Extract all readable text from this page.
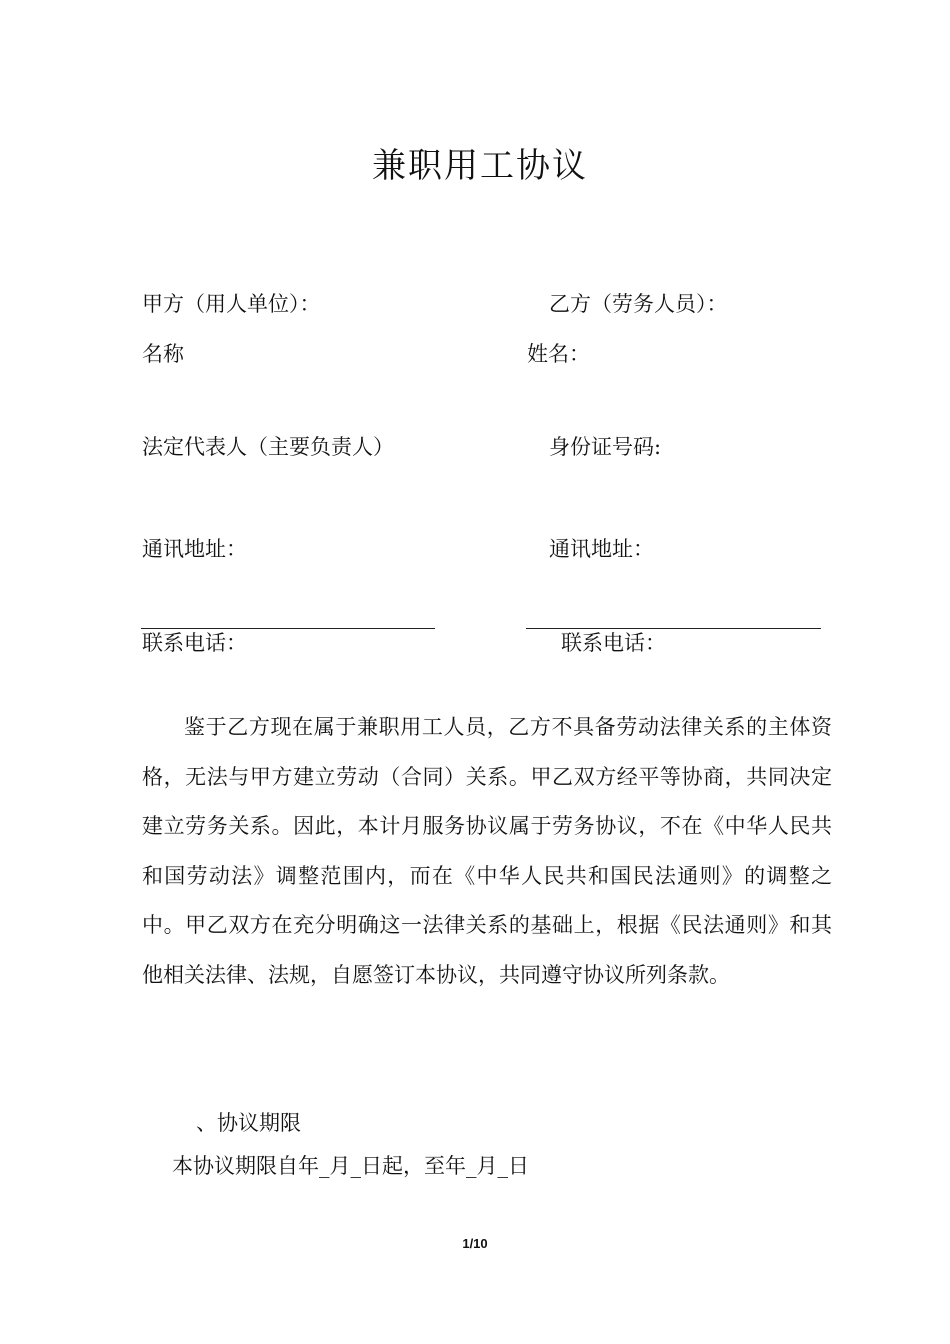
兼职用工协议
甲方（用人单位）：
名称
法定代表人（主要负责人）
通讯地址：
联系电话：
乙方（劳务人员）：
姓名：
身份证号码:
通讯地址：
联系电话：
鉴于乙方现在属于兼职用工人员，乙方不具备劳动法律关系的主体资格，无法与甲方建立劳动（合同）关系。甲乙双方经平等协商，共同决定建立劳务关系。因此，本计月服务协议属于劳务协议，不在《中华人民共和国劳动法》调整范围内，而在《中华人民共和国民法通则》的调整之中。甲乙双方在充分明确这一法律关系的基础上，根据《民法通则》和其他相关法律、法规，自愿签订本协议，共同遵守协议所列条款。
、协议期限
本协议期限自年_月_日起，至年_月_日
1/10
